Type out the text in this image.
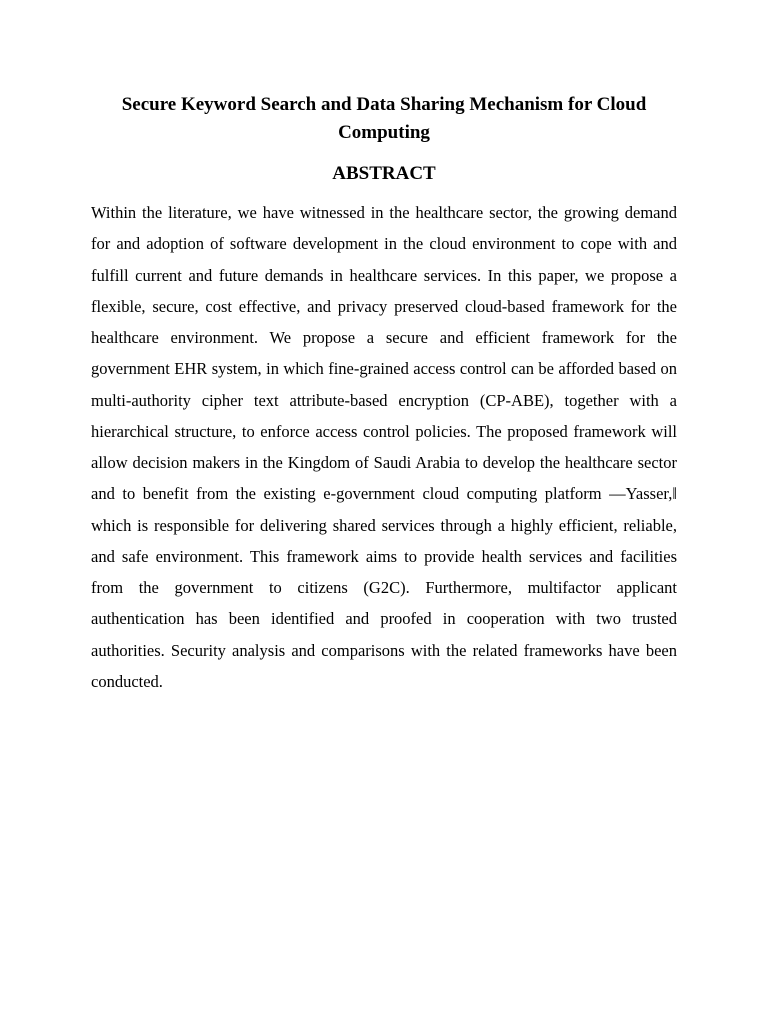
Secure Keyword Search and Data Sharing Mechanism for Cloud Computing
ABSTRACT

Within the literature, we have witnessed in the healthcare sector, the growing demand for and adoption of software development in the cloud environment to cope with and fulfill current and future demands in healthcare services. In this paper, we propose a flexible, secure, cost effective, and privacy preserved cloud-based framework for the healthcare environment. We propose a secure and efficient framework for the government EHR system, in which fine-grained access control can be afforded based on multi-authority cipher text attribute-based encryption (CP-ABE), together with a hierarchical structure, to enforce access control policies. The proposed framework will allow decision makers in the Kingdom of Saudi Arabia to develop the healthcare sector and to benefit from the existing e-government cloud computing platform —Yasser,‖ which is responsible for delivering shared services through a highly efficient, reliable, and safe environment. This framework aims to provide health services and facilities from the government to citizens (G2C). Furthermore, multifactor applicant authentication has been identified and proofed in cooperation with two trusted authorities. Security analysis and comparisons with the related frameworks have been conducted.
